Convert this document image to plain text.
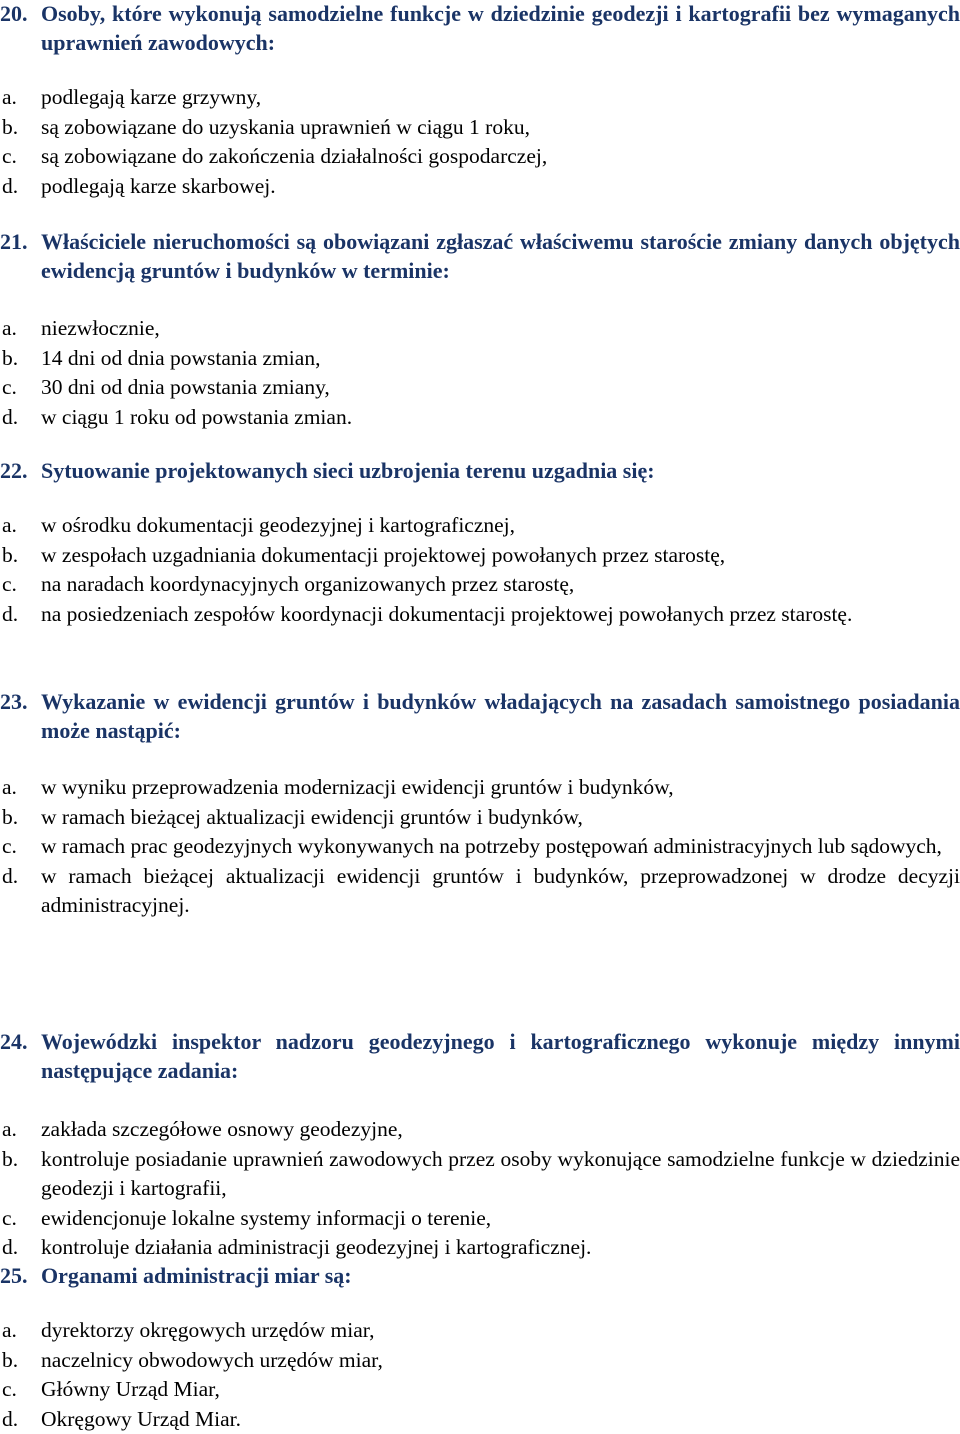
20. Osoby, które wykonują samodzielne funkcje w dziedzinie geodezji i kartografii bez wymaganych uprawnień zawodowych:
a.	podlegają karze grzywny,
b.	są zobowiązane do uzyskania uprawnień w ciągu 1 roku,
c.	są zobowiązane do zakończenia działalności gospodarczej,
d.	podlegają karze skarbowej.
21. Właściciele nieruchomości są obowiązani zgłaszać właściwemu staroście zmiany danych objętych ewidencją gruntów i budynków w terminie:
a.	niezwłocznie,
b.	14 dni od dnia powstania zmian,
c.	30 dni od dnia powstania zmiany,
d.	w ciągu 1 roku od powstania zmian.
22. Sytuowanie projektowanych sieci uzbrojenia terenu uzgadnia się:
a.	w ośrodku dokumentacji geodezyjnej i kartograficznej,
b.	w zespołach uzgadniania dokumentacji projektowej powołanych przez starostę,
c.	na naradach koordynacyjnych organizowanych przez starostę,
d.	na posiedzeniach zespołów koordynacji dokumentacji projektowej powołanych przez starostę.
23. Wykazanie w ewidencji gruntów i budynków władających na zasadach samoistnego posiadania może nastąpić:
a.	w wyniku przeprowadzenia modernizacji ewidencji gruntów i budynków,
b.	w ramach bieżącej aktualizacji ewidencji gruntów i budynków,
c.	w ramach prac geodezyjnych wykonywanych na potrzeby postępowań administracyjnych lub sądowych,
d.	w ramach bieżącej aktualizacji ewidencji gruntów i budynków, przeprowadzonej w drodze decyzji administracyjnej.
24. Wojewódzki inspektor nadzoru geodezyjnego i kartograficznego wykonuje między innymi następujące zadania:
a.	zakłada szczegółowe osnowy geodezyjne,
b.	kontroluje posiadanie uprawnień zawodowych przez osoby wykonujące samodzielne funkcje w dziedzinie geodezji i kartografii,
c.	ewidencjonuje lokalne systemy informacji o terenie,
d.	kontroluje działania administracji geodezyjnej i kartograficznej.
25. Organami administracji miar są:
a.	dyrektorzy okręgowych urzędów miar,
b.	naczelnicy obwodowych urzędów miar,
c.	Główny Urząd Miar,
d.	Okręgowy Urząd Miar.
